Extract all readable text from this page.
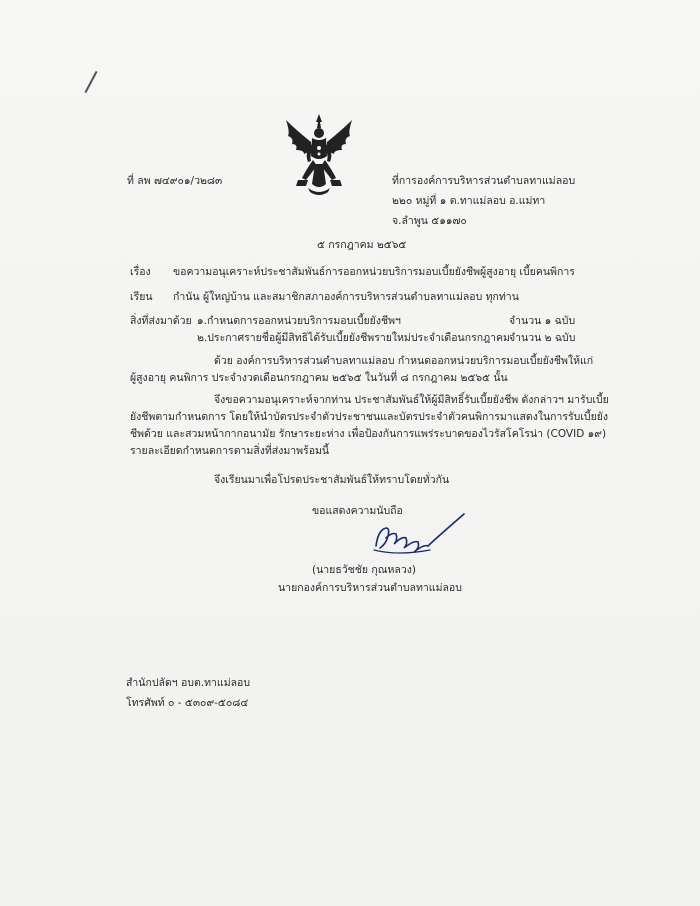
ที่ ลพ ๗๔๙๐๑/ว๒๘๓	ที่การองค์การบริหารส่วนตำบลทาแม่ลอบ
๒๒๐ หมู่ที่ ๑ ต.ทาแม่ลอบ อ.แม่ทา
จ.ลำพูน ๕๑๑๗๐
๕ กรกฎาคม ๒๕๖๕
เรื่อง ขอความอนุเคราะห์ประชาสัมพันธ์การออกหน่วยบริการมอบเบี้ยยังชีพผู้สูงอายุ เบี้ยคนพิการ
เรียน กำนัน ผู้ใหญ่บ้าน และสมาชิกสภาองค์การบริหารส่วนตำบลทาแม่ลอบ ทุกท่าน
สิ่งที่ส่งมาด้วย ๑.กำหนดการออกหน่วยบริการมอบเบี้ยยังชีพฯ	จำนวน ๑ ฉบับ
๒.ประกาศรายชื่อผู้มีสิทธิได้รับเบี้ยยังชีพรายใหม่ประจำเดือนกรกฎาคม จำนวน ๒ ฉบับ
ด้วย องค์การบริหารส่วนตำบลทาแม่ลอบ กำหนดออกหน่วยบริการมอบเบี้ยยังชีพให้แก่
ผู้สูงอายุ คนพิการ ประจำงวดเดือนกรกฎาคม ๒๕๖๕ ในวันที่ ๘ กรกฎาคม ๒๕๖๕ นั้น
จึงขอความอนุเคราะห์จากท่าน ประชาสัมพันธ์ให้ผู้มีสิทธิ์รับเบี้ยยังชีพ ดังกล่าวฯ มารับเบี้ย
ยังชีพตามกำหนดการ โดยให้นำบัตรประจำตัวประชาชนและบัตรประจำตัวคนพิการมาแสดงในการรับเบี้ยยัง
ชีพด้วย และสวมหน้ากากอนามัย รักษาระยะห่าง เพื่อป้องกันการแพร่ระบาดของไวรัสโคโรน่า (COVID ๑๙)
รายละเอียดกำหนดการตามสิ่งที่ส่งมาพร้อมนี้
จึงเรียนมาเพื่อโปรดประชาสัมพันธ์ให้ทราบโดยทั่วกัน
ขอแสดงความนับถือ
(นายธวัชชัย กุณหลวง)
นายกองค์การบริหารส่วนตำบลทาแม่ลอบ
สำนักปลัดฯ อบต.ทาแม่ลอบ
โทรศัพท์ ๐ - ๕๓๐๙-๕๐๘๔
